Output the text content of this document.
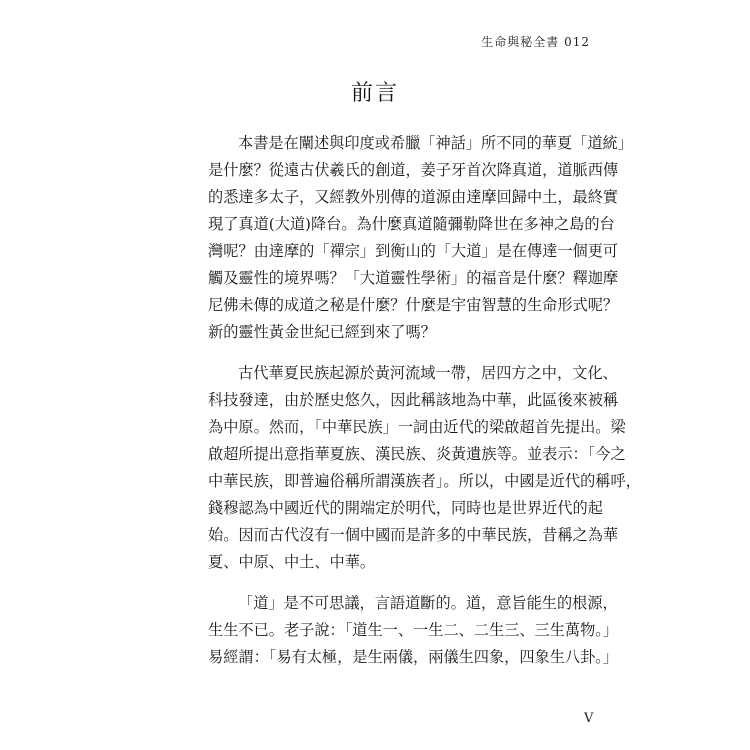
生命與秘全書 012
前言
本書是在闡述與印度或希臘「神話」所不同的華夏「道統」
是什麼？從遠古伏羲氏的創道，姜子牙首次降真道，道脈西傳
的悉達多太子，又經教外別傳的道源由達摩回歸中土，最終實
現了真道(大道)降台。為什麼真道隨彌勒降世在多神之島的台
灣呢？由達摩的「禪宗」到衡山的「大道」是在傳達一個更可
觸及靈性的境界嗎？「大道靈性學術」的福音是什麼？釋迦摩
尼佛未傳的成道之秘是什麼？什麼是宇宙智慧的生命形式呢？
新的靈性黃金世紀已經到來了嗎？
古代華夏民族起源於黃河流域一帶，居四方之中，文化、
科技發達，由於歷史悠久，因此稱該地為中華，此區後來被稱
為中原。然而，「中華民族」一詞由近代的梁啟超首先提出。梁
啟超所提出意指華夏族、漢民族、炎黃遺族等。並表示：「今之
中華民族，即普遍俗稱所謂漢族者」。所以，中國是近代的稱呼，
錢穆認為中國近代的開端定於明代，同時也是世界近代的起
始。因而古代沒有一個中國而是許多的中華民族，昔稱之為華
夏、中原、中土、中華。
「道」是不可思議，言語道斷的。道，意旨能生的根源，
生生不已。老子說：「道生一、一生二、二生三、三生萬物。」
易經謂：「易有太極，是生兩儀，兩儀生四象，四象生八卦。」
V
